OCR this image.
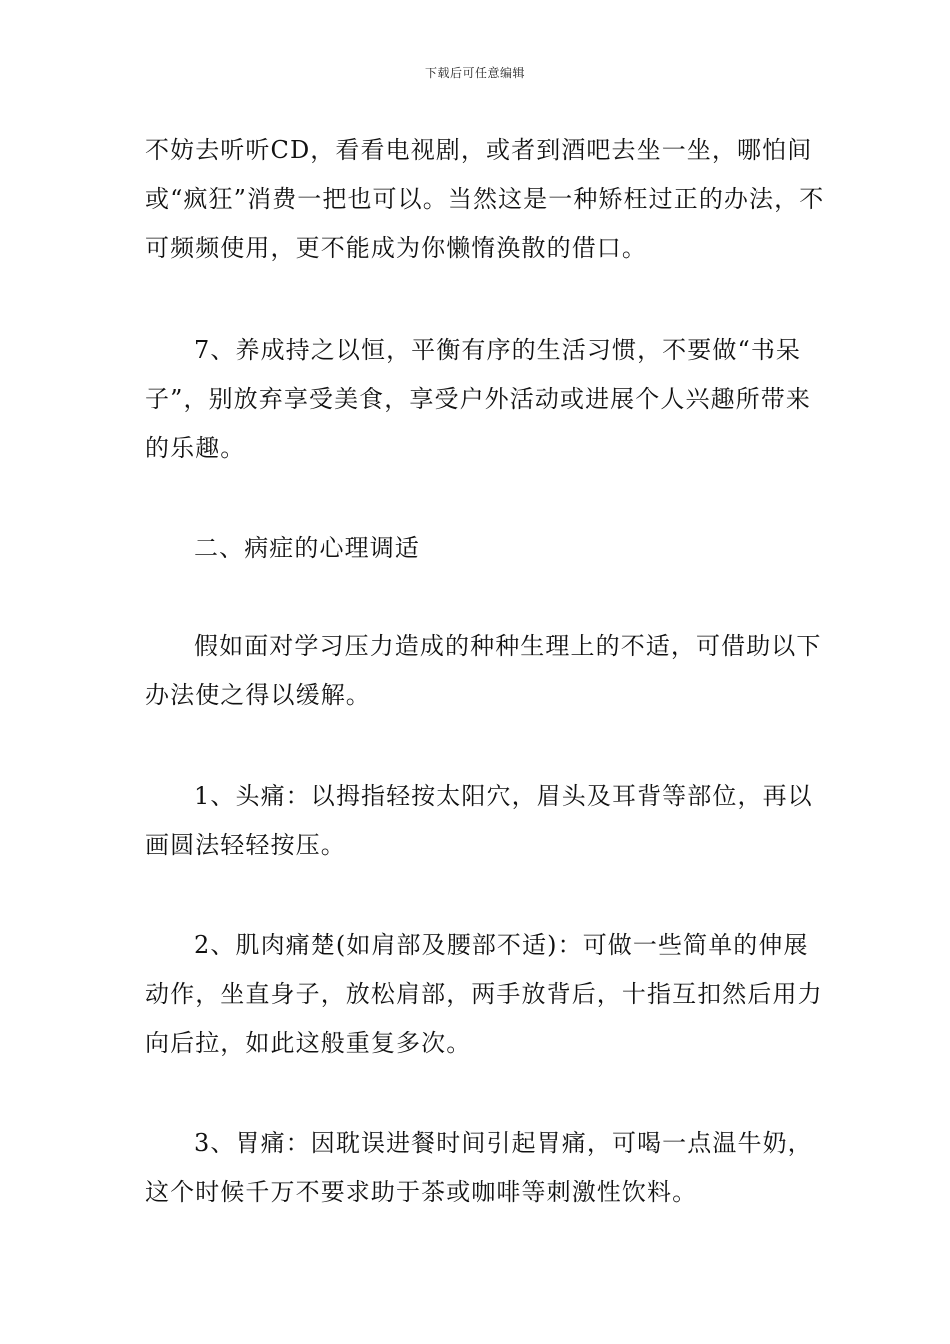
下载后可任意编辑

不妨去听听CD，看看电视剧，或者到酒吧去坐一坐，哪怕间或“疯狂”消费一把也可以。当然这是一种矫枉过正的办法，不可频频使用，更不能成为你懒惰涣散的借口。

7、养成持之以恒，平衡有序的生活习惯，不要做“书呆子”，别放弃享受美食，享受户外活动或进展个人兴趣所带来的乐趣。

二、病症的心理调适

假如面对学习压力造成的种种生理上的不适，可借助以下办法使之得以缓解。

1、头痛：以拇指轻按太阳穴，眉头及耳背等部位，再以画圆法轻轻按压。

2、肌肉痛楚(如肩部及腰部不适)：可做一些简单的伸展动作，坐直身子，放松肩部，两手放背后，十指互扣然后用力向后拉，如此这般重复多次。

3、胃痛：因耽误进餐时间引起胃痛，可喝一点温牛奶，这个时候千万不要求助于茶或咖啡等刺激性饮料。
